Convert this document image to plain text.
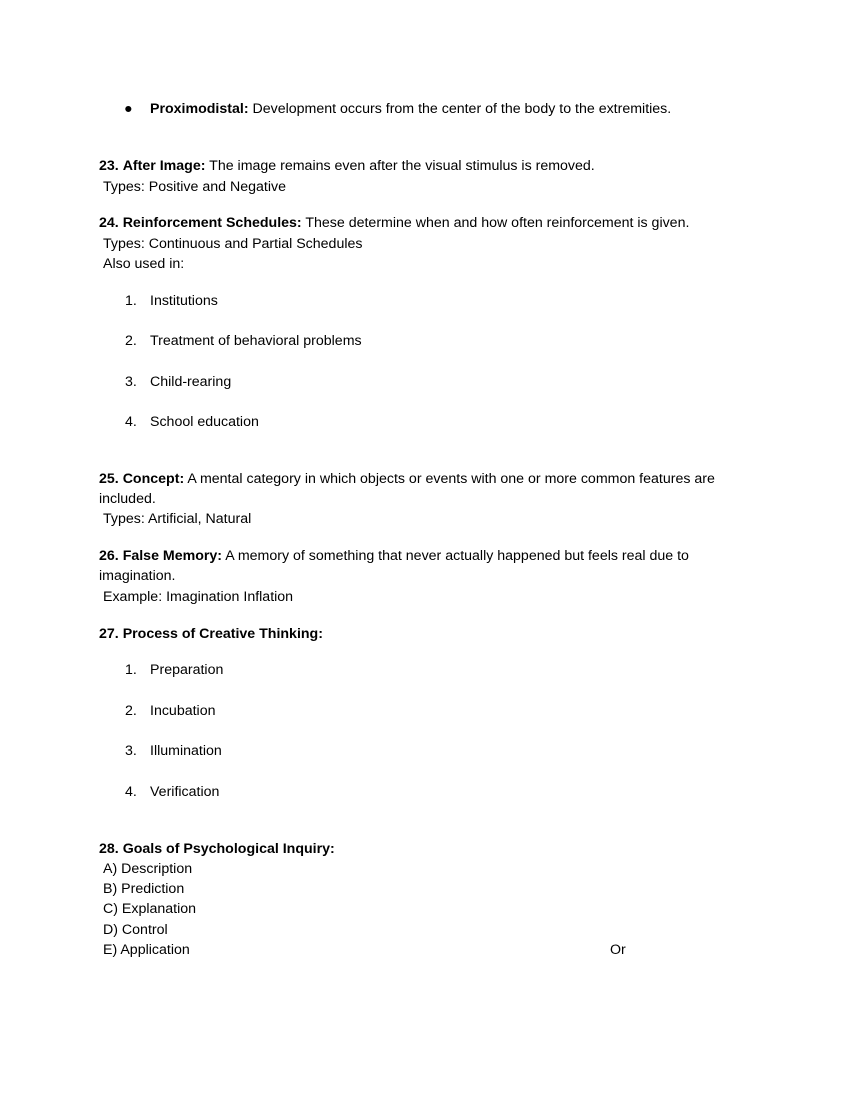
● Proximodistal: Development occurs from the center of the body to the extremities.
23. After Image: The image remains even after the visual stimulus is removed.
Types: Positive and Negative
24. Reinforcement Schedules: These determine when and how often reinforcement is given.
Types: Continuous and Partial Schedules
Also used in:
1. Institutions
2. Treatment of behavioral problems
3. Child-rearing
4. School education
25. Concept: A mental category in which objects or events with one or more common features are included.
Types: Artificial, Natural
26. False Memory: A memory of something that never actually happened but feels real due to imagination.
Example: Imagination Inflation
27. Process of Creative Thinking:
1. Preparation
2. Incubation
3. Illumination
4. Verification
28. Goals of Psychological Inquiry:
A) Description
B) Prediction
C) Explanation
D) Control
E) Application	Or
